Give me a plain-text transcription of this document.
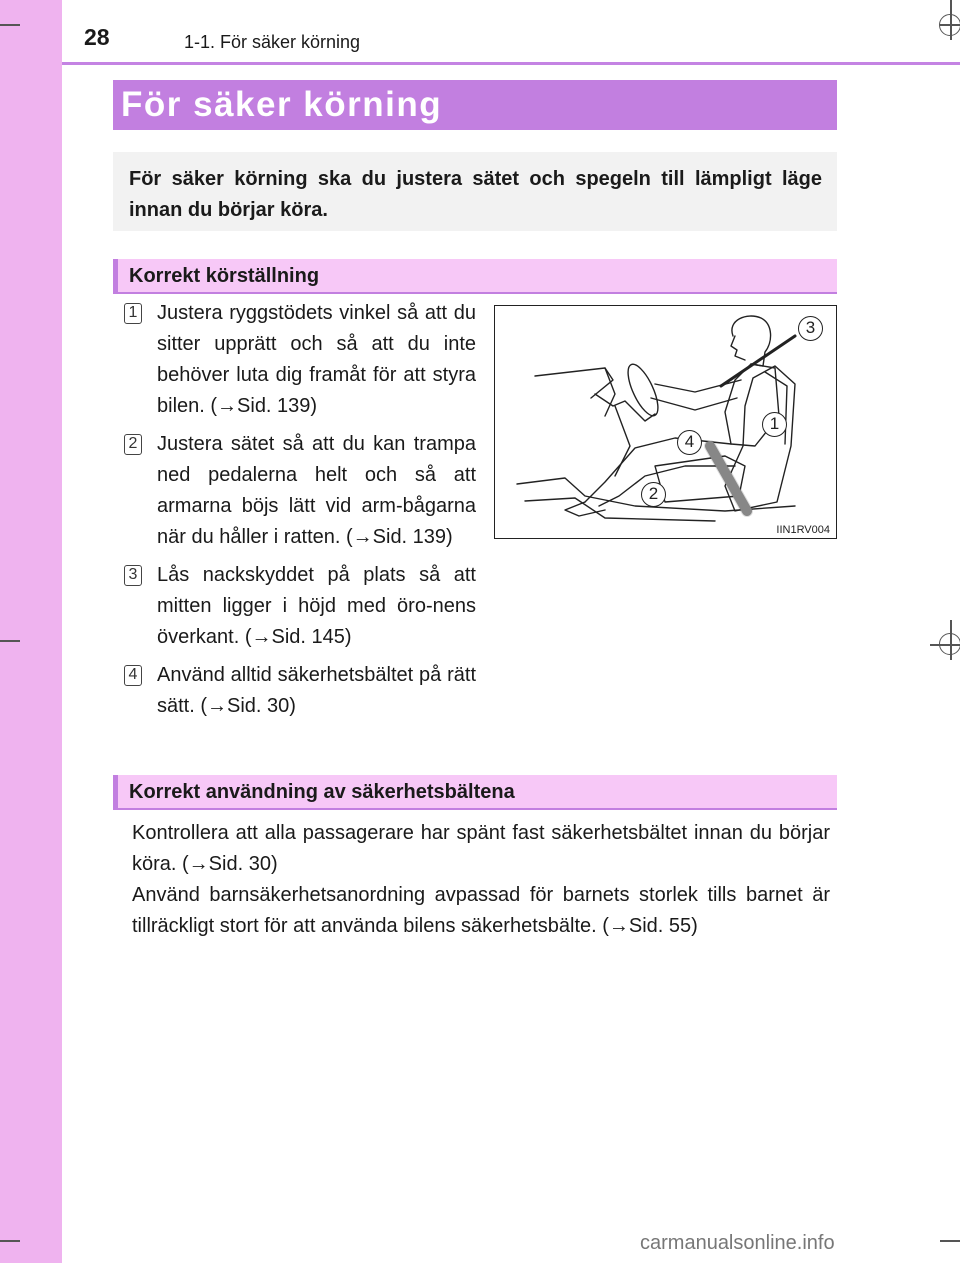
28	1-1. För säker körning
För säker körning
För säker körning ska du justera sätet och spegeln till lämpligt läge innan du börjar köra.
Korrekt körställning
1 Justera ryggstödets vinkel så att du sitter upprätt och så att du inte behöver luta dig framåt för att styra bilen. (→Sid. 139)
2 Justera sätet så att du kan trampa ned pedalerna helt och så att armarna böjs lätt vid arm-bågarna när du håller i ratten. (→Sid. 139)
3 Lås nackskyddet på plats så att mitten ligger i höjd med öro-nens överkant. (→Sid. 145)
4 Använd alltid säkerhetsbältet på rätt sätt. (→Sid. 30)
3
1
4
2
IIN1RV004
Korrekt användning av säkerhetsbältena

Kontrollera att alla passagerare har spänt fast säkerhetsbältet innan du börjar köra. (→Sid. 30)

Använd barnsäkerhetsanordning avpassad för barnets storlek tills barnet är tillräckligt stort för att använda bilens säkerhetsbälte. (→Sid. 55)

carmanualsonline.info
